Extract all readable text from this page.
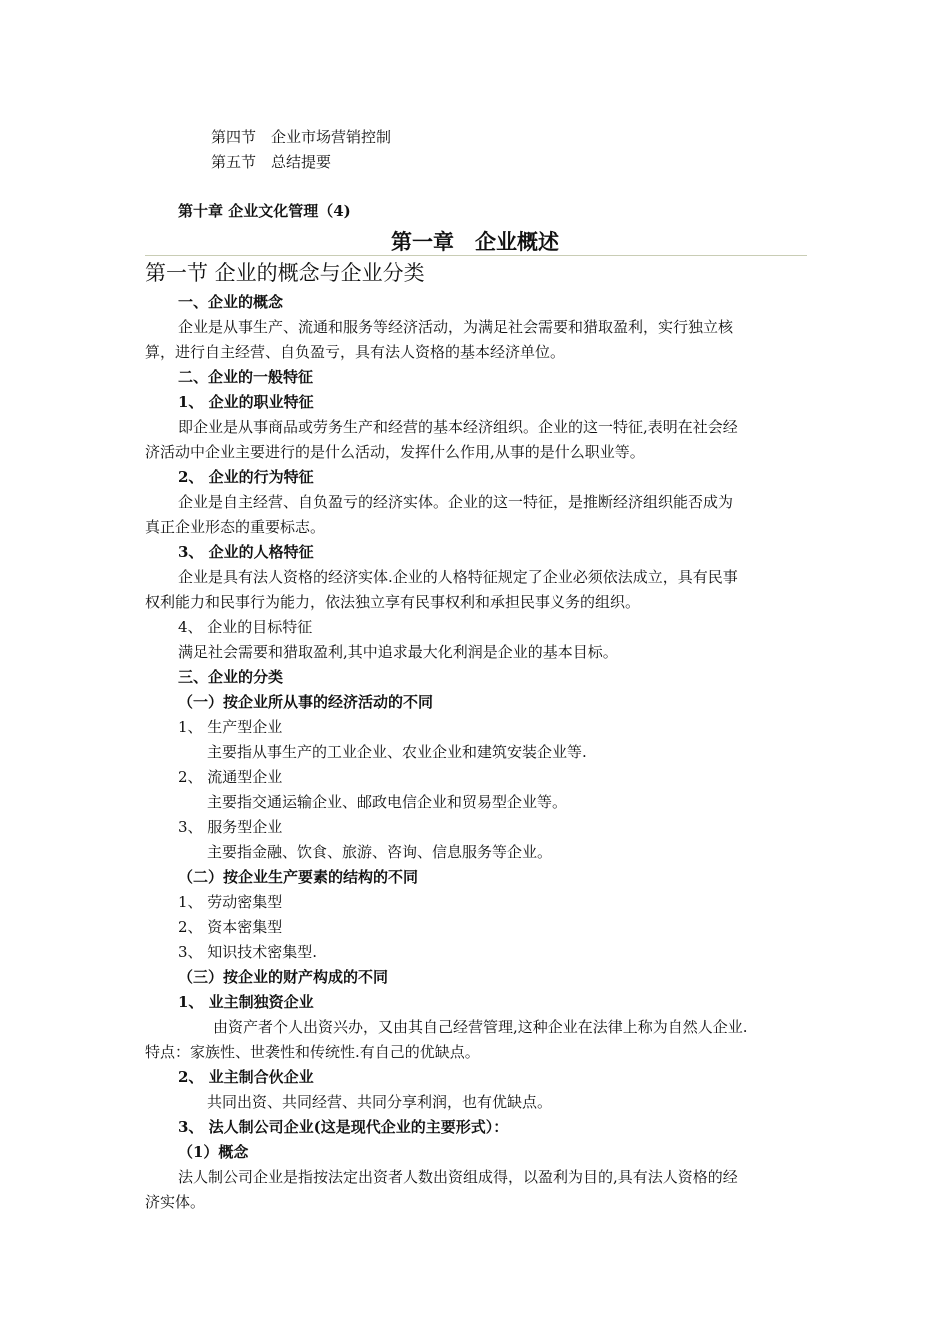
第四节　企业市场营销控制
第五节　总结提要
第十章 企业文化管理（4)
第一章　企业概述
第一节 企业的概念与企业分类
一、企业的概念
企业是从事生产、流通和服务等经济活动，为满足社会需要和猎取盈利，实行独立核
算，进行自主经营、自负盈亏，具有法人资格的基本经济单位。
二、企业的一般特征
1、 企业的职业特征
即企业是从事商品或劳务生产和经营的基本经济组织。企业的这一特征,表明在社会经
济活动中企业主要进行的是什么活动，发挥什么作用,从事的是什么职业等。
2、 企业的行为特征
企业是自主经营、自负盈亏的经济实体。企业的这一特征，是推断经济组织能否成为
真正企业形态的重要标志。
3、 企业的人格特征
企业是具有法人资格的经济实体.企业的人格特征规定了企业必须依法成立，具有民事
权利能力和民事行为能力，依法独立享有民事权利和承担民事义务的组织。
4、 企业的目标特征
满足社会需要和猎取盈利,其中追求最大化利润是企业的基本目标。
三、企业的分类
（一）按企业所从事的经济活动的不同
1、 生产型企业
主要指从事生产的工业企业、农业企业和建筑安装企业等.
2、 流通型企业
主要指交通运输企业、邮政电信企业和贸易型企业等。
3、 服务型企业
主要指金融、饮食、旅游、咨询、信息服务等企业。
（二）按企业生产要素的结构的不同
1、 劳动密集型
2、 资本密集型
3、 知识技术密集型.
（三）按企业的财产构成的不同
1、 业主制独资企业
由资产者个人出资兴办，又由其自己经营管理,这种企业在法律上称为自然人企业.
特点：家族性、世袭性和传统性.有自己的优缺点。
2、 业主制合伙企业
共同出资、共同经营、共同分享利润，也有优缺点。
3、 法人制公司企业(这是现代企业的主要形式）：
（1）概念
法人制公司企业是指按法定出资者人数出资组成得，以盈利为目的,具有法人资格的经
济实体。
